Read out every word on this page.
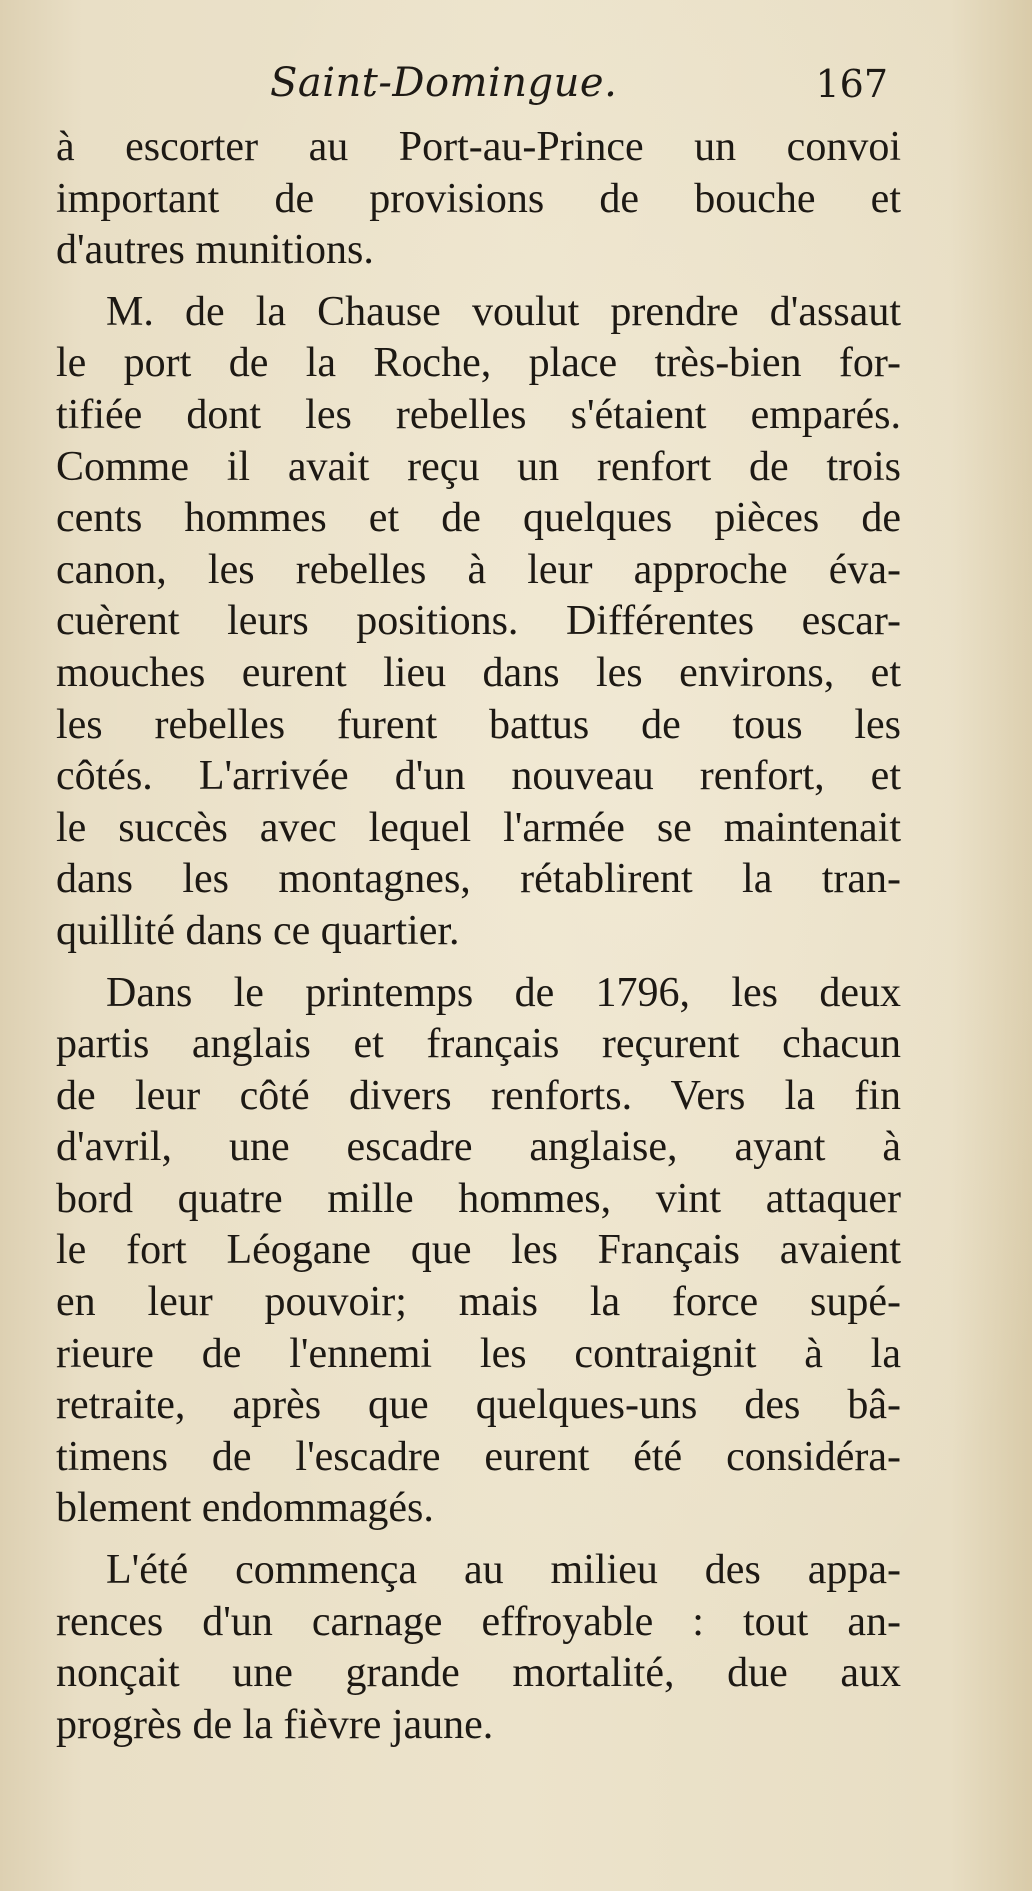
Saint-Domingue.	167
à escorter au Port-au-Prince un convoi
important de provisions de bouche et
d'autres munitions.
M. de la Chause voulut prendre d'assaut
le port de la Roche, place très-bien for-
tifiée dont les rebelles s'étaient emparés.
Comme il avait reçu un renfort de trois
cents hommes et de quelques pièces de
canon, les rebelles à leur approche éva-
cuèrent leurs positions. Différentes escar-
mouches eurent lieu dans les environs, et
les rebelles furent battus de tous les
côtés. L'arrivée d'un nouveau renfort, et
le succès avec lequel l'armée se maintenait
dans les montagnes, rétablirent la tran-
quillité dans ce quartier.
Dans le printemps de 1796, les deux
partis anglais et français reçurent chacun
de leur côté divers renforts. Vers la fin
d'avril, une escadre anglaise, ayant à
bord quatre mille hommes, vint attaquer
le fort Léogane que les Français avaient
en leur pouvoir; mais la force supé-
rieure de l'ennemi les contraignit à la
retraite, après que quelques-uns des bâ-
timens de l'escadre eurent été considéra-
blement endommagés.
L'été commença au milieu des appa-
rences d'un carnage effroyable : tout an-
nonçait une grande mortalité, due aux
progrès de la fièvre jaune.
